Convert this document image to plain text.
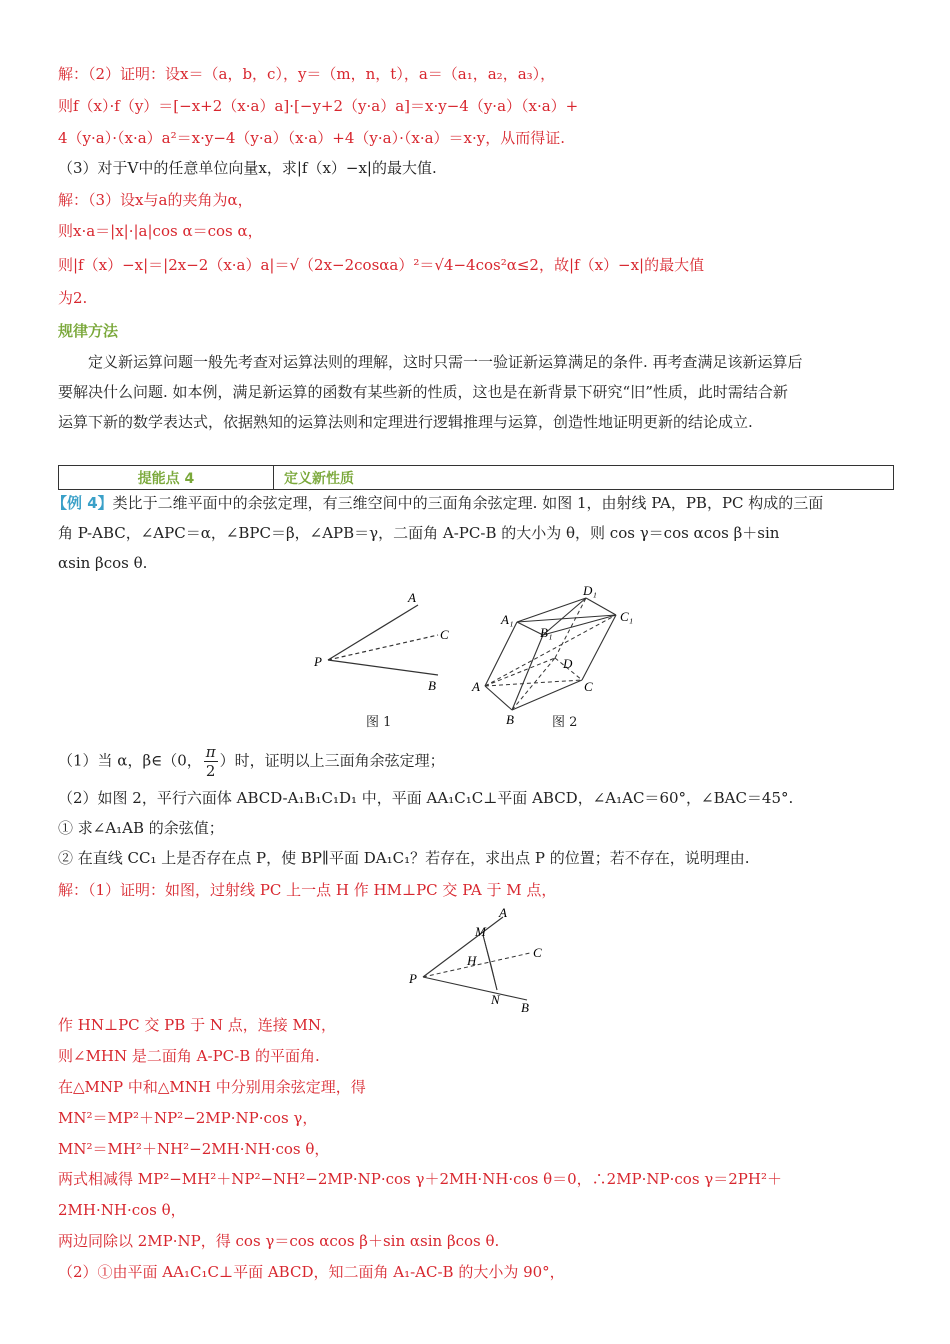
解：（2）证明：设x＝（a，b，c），y＝（m，n，t），a＝（a₁，a₂，a₃），
则f（x）·f（y）＝[−x+2（x·a）a]·[−y+2（y·a）a]＝x·y−4（y·a）（x·a）+
4（y·a）·（x·a）a²＝x·y−4（y·a）（x·a）+4（y·a）·（x·a）＝x·y，从而得证.
（3）对于V中的任意单位向量x，求|f（x）−x|的最大值.
解：（3）设x与a的夹角为α，
则x·a＝|x|·|a|cos α＝cos α，
则|f（x）−x|＝|2x−2（x·a）a|＝√（2x−2cosαa）²＝√4−4cos²α≤2，故|f（x）−x|的最大值
为2.
规律方法
定义新运算问题一般先考查对运算法则的理解，这时只需一一验证新运算满足的条件. 再考查满足该新运算后
要解决什么问题. 如本例，满足新运算的函数有某些新的性质，这也是在新背景下研究“旧”性质，此时需结合新
运算下新的数学表达式，依据熟知的运算法则和定理进行逻辑推理与运算，创造性地证明更新的结论成立.
提能点 4	定义新性质
【例 4】类比于二维平面中的余弦定理，有三维空间中的三面角余弦定理. 如图 1，由射线 PA，PB，PC 构成的三面
角 P-ABC，∠APC＝α，∠BPC＝β，∠APB＝γ，二面角 A-PC-B 的大小为 θ，则 cos γ＝cos αcos β＋sin
αsin βcos θ.
P
A
C
B	A
B
C
D
A₁
B₁
C₁
D₁
图 1	图 2
（1）当 α，β∈（0， $\frac{\pi}{2}$ ）时，证明以上三面角余弦定理；
（2）如图 2，平行六面体 ABCD-A₁B₁C₁D₁ 中，平面 AA₁C₁C⊥平面 ABCD，∠A₁AC＝60°，∠BAC＝45°.
① 求∠A₁AB 的余弦值；
② 在直线 CC₁ 上是否存在点 P，使 BP∥平面 DA₁C₁？若存在，求出点 P 的位置；若不存在，说明理由.
解：（1）证明：如图，过射线 PC 上一点 H 作 HM⊥PC 交 PA 于 M 点，
P
A
M
H
C
N
B
作 HN⊥PC 交 PB 于 N 点，连接 MN，
则∠MHN 是二面角 A-PC-B 的平面角.
在△MNP 中和△MNH 中分别用余弦定理，得
MN²＝MP²＋NP²−2MP·NP·cos γ，
MN²＝MH²＋NH²−2MH·NH·cos θ，
两式相减得 MP²−MH²＋NP²−NH²−2MP·NP·cos γ＋2MH·NH·cos θ＝0，∴2MP·NP·cos γ＝2PH²＋
2MH·NH·cos θ，
两边同除以 2MP·NP，得 cos γ＝cos αcos β＋sin αsin βcos θ.
（2）①由平面 AA₁C₁C⊥平面 ABCD，知二面角 A₁-AC-B 的大小为 90°，
